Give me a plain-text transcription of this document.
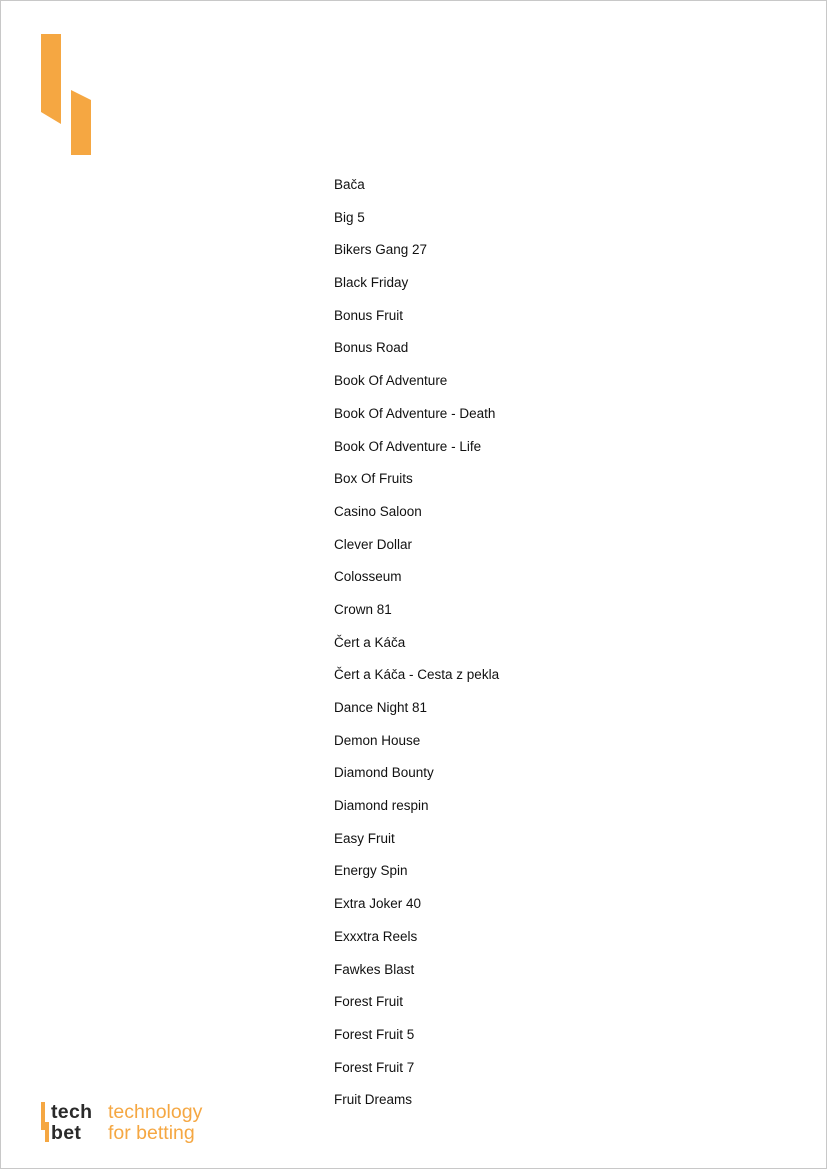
Bača
Big 5
Bikers Gang 27
Black Friday
Bonus Fruit
Bonus Road
Book Of Adventure
Book Of Adventure - Death
Book Of Adventure - Life
Box Of Fruits
Casino Saloon
Clever Dollar
Colosseum
Crown 81
Čert a Káča
Čert a Káča - Cesta z pekla
Dance Night 81
Demon House
Diamond Bounty
Diamond respin
Easy Fruit
Energy Spin
Extra Joker 40
Exxxtra Reels
Fawkes Blast
Forest Fruit
Forest Fruit 5
Forest Fruit 7
Fruit Dreams
tech
bet
technology
for betting
